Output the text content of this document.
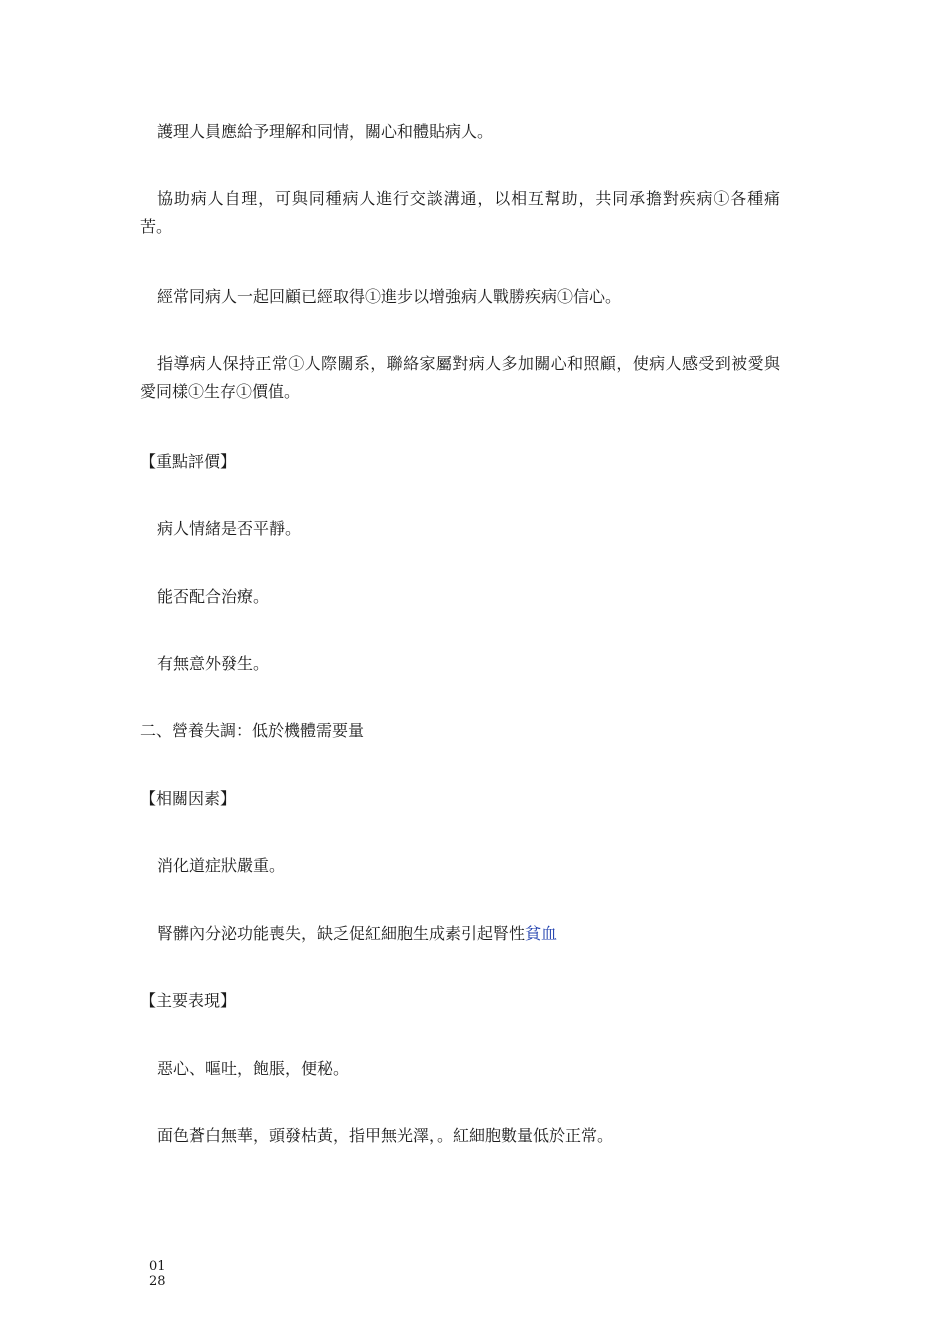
護理人員應給予理解和同情，關心和體貼病人。
協助病人自理，可與同種病人進行交談溝通，以相互幫助，共同承擔對疾病①各種痛苦。
經常同病人一起回顧已經取得①進步以增強病人戰勝疾病①信心。
指導病人保持正常①人際關系，聯絡家屬對病人多加關心和照顧，使病人感受到被愛與愛同樣①生存①價值。
【重點評價】
病人情緒是否平靜。
能否配合治療。
有無意外發生。
二、營養失調：低於機體需要量
【相關因素】
消化道症狀嚴重。
腎髒內分泌功能喪失，缺乏促紅細胞生成素引起腎性貧血
【主要表現】
惡心、嘔吐，飽脹，便秘。
面色蒼白無華，頭發枯黃，指甲無光澤，。紅細胞數量低於正常。
01
28
